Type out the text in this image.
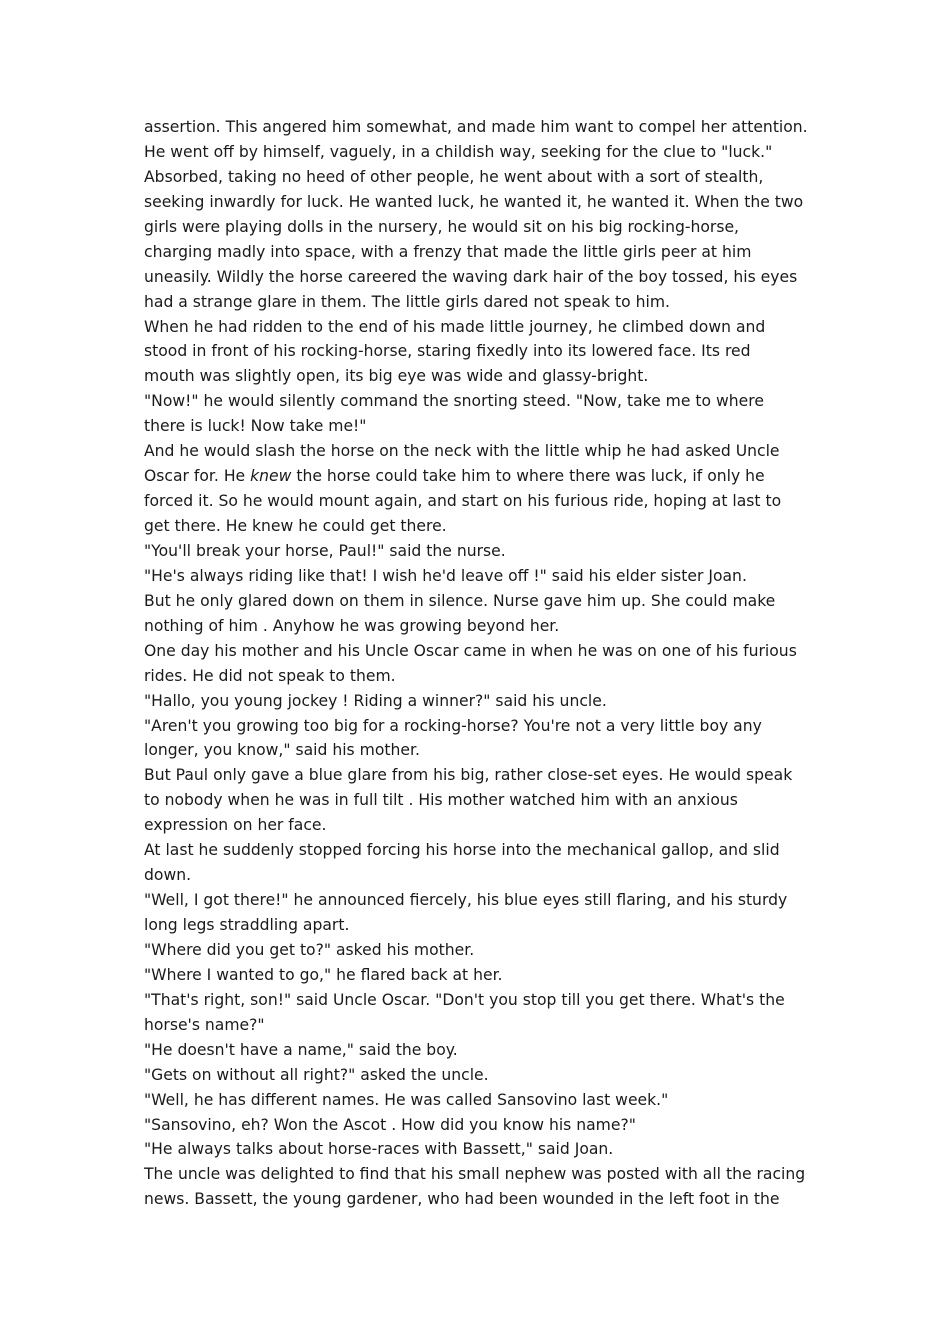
assertion. This angered him somewhat, and made him want to compel her attention.
He went off by himself, vaguely, in a childish way, seeking for the clue to "luck."
Absorbed, taking no heed of other people, he went about with a sort of stealth,
seeking inwardly for luck. He wanted luck, he wanted it, he wanted it. When the two
girls were playing dolls in the nursery, he would sit on his big rocking-horse,
charging madly into space, with a frenzy that made the little girls peer at him
uneasily. Wildly the horse careered the waving dark hair of the boy tossed, his eyes
had a strange glare in them. The little girls dared not speak to him.
When he had ridden to the end of his made little journey, he climbed down and
stood in front of his rocking-horse, staring fixedly into its lowered face. Its red
mouth was slightly open, its big eye was wide and glassy-bright.
"Now!" he would silently command the snorting steed. "Now, take me to where
there is luck! Now take me!"
And he would slash the horse on the neck with the little whip he had asked Uncle
Oscar for. He knew the horse could take him to where there was luck, if only he
forced it. So he would mount again, and start on his furious ride, hoping at last to
get there. He knew he could get there.
"You'll break your horse, Paul!" said the nurse.
"He's always riding like that! I wish he'd leave off !" said his elder sister Joan.
But he only glared down on them in silence. Nurse gave him up. She could make
nothing of him . Anyhow he was growing beyond her.
One day his mother and his Uncle Oscar came in when he was on one of his furious
rides. He did not speak to them.
"Hallo, you young jockey ! Riding a winner?" said his uncle.
"Aren't you growing too big for a rocking-horse? You're not a very little boy any
longer, you know," said his mother.
But Paul only gave a blue glare from his big, rather close-set eyes. He would speak
to nobody when he was in full tilt . His mother watched him with an anxious
expression on her face.
At last he suddenly stopped forcing his horse into the mechanical gallop, and slid
down.
"Well, I got there!" he announced fiercely, his blue eyes still flaring, and his sturdy
long legs straddling apart.
"Where did you get to?" asked his mother.
"Where I wanted to go," he flared back at her.
"That's right, son!" said Uncle Oscar. "Don't you stop till you get there. What's the
horse's name?"
"He doesn't have a name," said the boy.
"Gets on without all right?" asked the uncle.
"Well, he has different names. He was called Sansovino last week."
"Sansovino, eh? Won the Ascot . How did you know his name?"
"He always talks about horse-races with Bassett," said Joan.
The uncle was delighted to find that his small nephew was posted with all the racing
news. Bassett, the young gardener, who had been wounded in the left foot in the
